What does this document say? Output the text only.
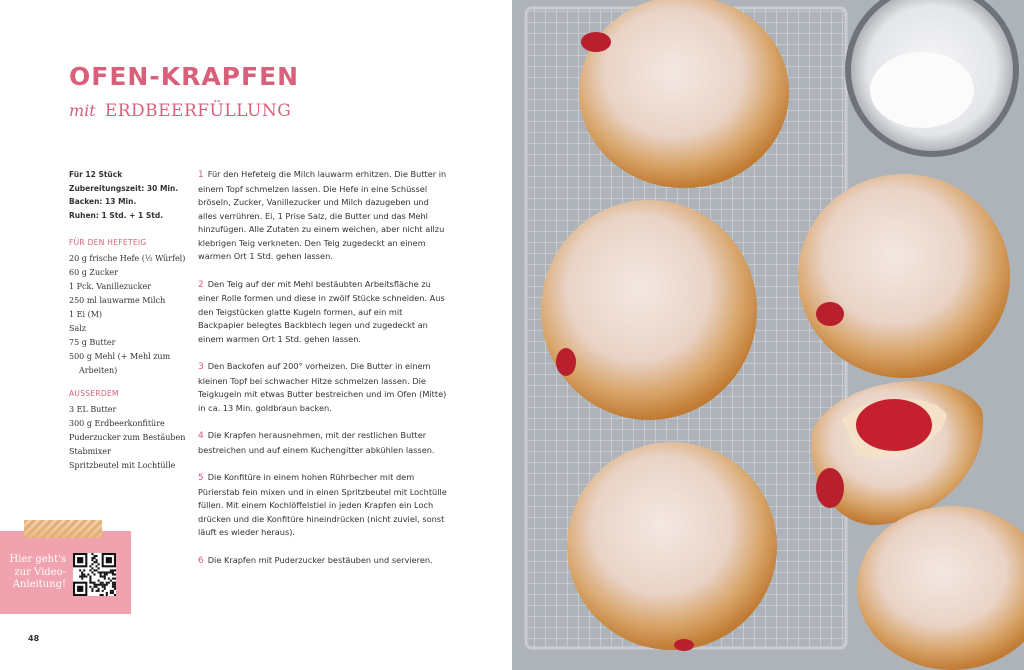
OFEN-KRAPFEN
mit ERDBEERFÜLLUNG
Für 12 Stück
Zubereitungszeit: 30 Min.
Backen: 13 Min.
Ruhen: 1 Std. + 1 Std.
FÜR DEN HEFETEIG
20 g frische Hefe (½ Würfel)
60 g Zucker
1 Pck. Vanillezucker
250 ml lauwarme Milch
1 Ei (M)
Salz
75 g Butter
500 g Mehl (+ Mehl zum
Arbeiten)
AUSSERDEM
3 EL Butter
300 g Erdbeerkonfitüre
Puderzucker zum Bestäuben
Stabmixer
Spritzbeutel mit Lochtülle
1 Für den Hefeteig die Milch lauwarm erhitzen. Die Butter in einem Topf schmelzen lassen. Die Hefe in eine Schüssel bröseln, Zucker, Vanillezucker und Milch dazugeben und alles verrühren. Ei, 1 Prise Salz, die Butter und das Mehl hinzufügen. Alle Zutaten zu einem weichen, aber nicht allzu klebrigen Teig verkneten. Den Teig zugedeckt an einem warmen Ort 1 Std. gehen lassen.
2 Den Teig auf der mit Mehl bestäubten Arbeitsfläche zu einer Rolle formen und diese in zwölf Stücke schneiden. Aus den Teigstücken glatte Kugeln formen, auf ein mit Backpapier belegtes Backblech legen und zugedeckt an einem warmen Ort 1 Std. gehen lassen.
3 Den Backofen auf 200° vorheizen. Die Butter in einem kleinen Topf bei schwacher Hitze schmelzen lassen. Die Teigkugeln mit etwas Butter bestreichen und im Ofen (Mitte) in ca. 13 Min. goldbraun backen.
4 Die Krapfen herausnehmen, mit der restlichen Butter bestreichen und auf einem Kuchengitter abkühlen lassen.
5 Die Konfitüre in einem hohen Rührbecher mit dem Pürierstab fein mixen und in einen Spritzbeutel mit Lochtülle füllen. Mit einem Kochlöffelstiel in jeden Krapfen ein Loch drücken und die Konfitüre hineindrücken (nicht zuviel, sonst läuft es wieder heraus).
6 Die Krapfen mit Puderzucker bestäuben und servieren.
Hier geht's
zur Video-
Anleitung!
48
